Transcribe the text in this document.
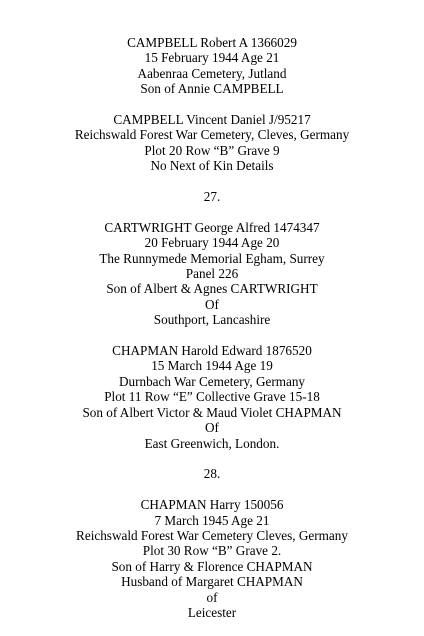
CAMPBELL Robert A 1366029
15 February 1944 Age 21
Aabenraa Cemetery, Jutland
Son of Annie CAMPBELL
CAMPBELL Vincent Daniel J/95217
Reichswald Forest War Cemetery, Cleves, Germany
Plot 20 Row “B” Grave 9
No Next of Kin Details
27.
CARTWRIGHT George Alfred 1474347
20 February 1944 Age 20
The Runnymede Memorial Egham, Surrey
Panel 226
Son of Albert & Agnes CARTWRIGHT
Of
Southport, Lancashire
CHAPMAN Harold Edward 1876520
15 March 1944 Age 19
Durnbach War Cemetery, Germany
Plot 11 Row “E” Collective Grave 15-18
Son of Albert Victor & Maud Violet CHAPMAN
Of
East Greenwich, London.
28.
CHAPMAN Harry 150056
7 March 1945 Age 21
Reichswald Forest War Cemetery Cleves, Germany
Plot 30 Row “B” Grave 2.
Son of Harry & Florence CHAPMAN
Husband of Margaret CHAPMAN
of
Leicester
